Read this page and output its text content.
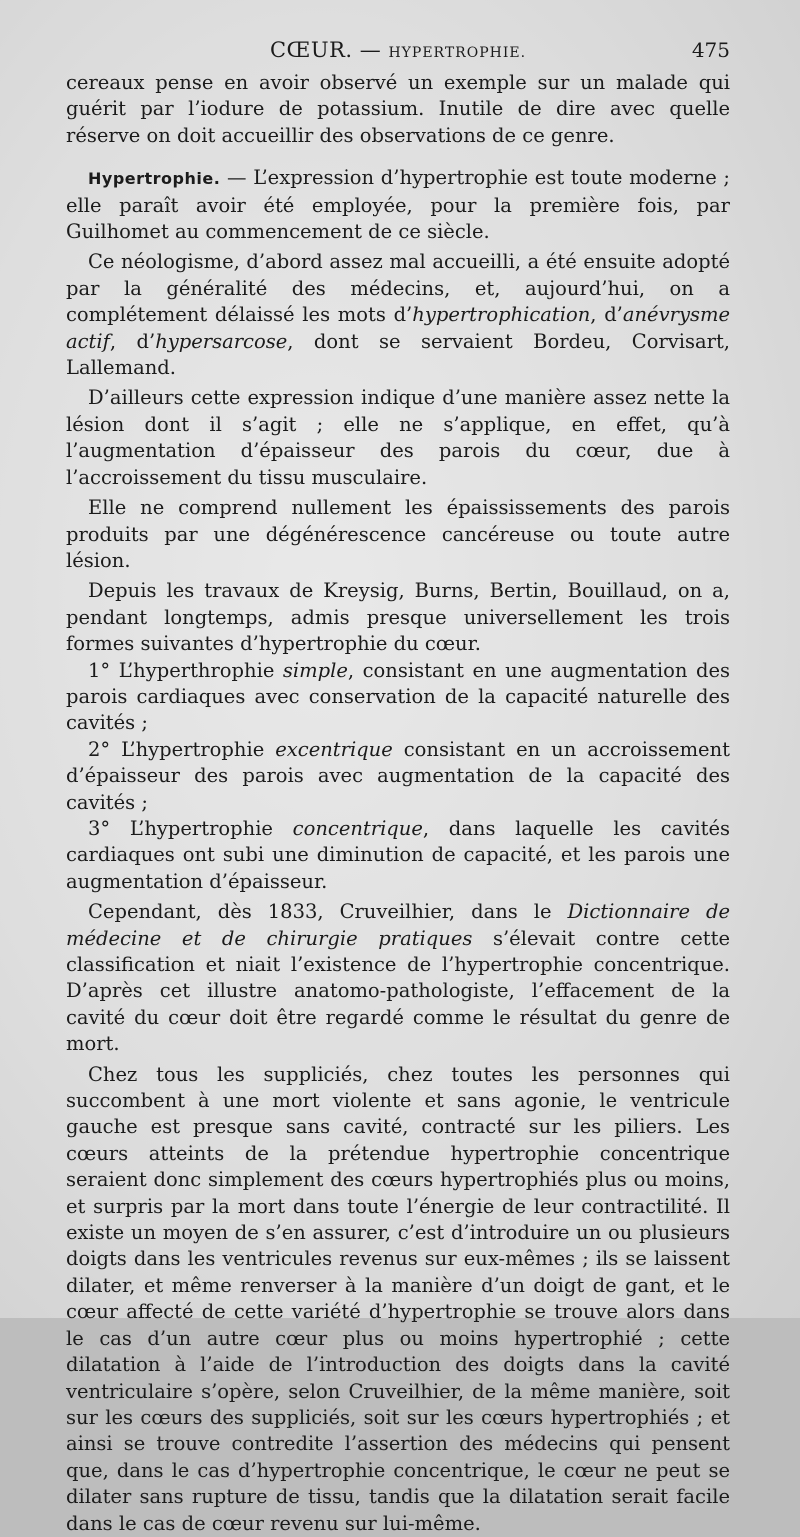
CŒUR. — HYPERTROPHIE.	475

cereaux pense en avoir observé un exemple sur un malade qui guérit par l’iodure de potassium. Inutile de dire avec quelle réserve on doit accueillir des observations de ce genre.

Hypertrophie. — L’expression d’hypertrophie est toute moderne ; elle paraît avoir été employée, pour la première fois, par Guilhomet au commencement de ce siècle.

Ce néologisme, d’abord assez mal accueilli, a été ensuite adopté par la généralité des médecins, et, aujourd’hui, on a complétement délaissé les mots d’hypertrophication, d’anévrysme actif, d’hypersarcose, dont se servaient Bordeu, Corvisart, Lallemand.

D’ailleurs cette expression indique d’une manière assez nette la lésion dont il s’agit ; elle ne s’applique, en effet, qu’à l’augmentation d’épaisseur des parois du cœur, due à l’accroissement du tissu musculaire.

Elle ne comprend nullement les épaississements des parois produits par une dégénérescence cancéreuse ou toute autre lésion.

Depuis les travaux de Kreysig, Burns, Bertin, Bouillaud, on a, pendant longtemps, admis presque universellement les trois formes suivantes d’hypertrophie du cœur.

1° L’hyperthrophie simple, consistant en une augmentation des parois cardiaques avec conservation de la capacité naturelle des cavités ;

2° L’hypertrophie excentrique consistant en un accroissement d’épaisseur des parois avec augmentation de la capacité des cavités ;

3° L’hypertrophie concentrique, dans laquelle les cavités cardiaques ont subi une diminution de capacité, et les parois une augmentation d’épaisseur.

Cependant, dès 1833, Cruveilhier, dans le Dictionnaire de médecine et de chirurgie pratiques s’élevait contre cette classification et niait l’existence de l’hypertrophie concentrique. D’après cet illustre anatomo-pathologiste, l’effacement de la cavité du cœur doit être regardé comme le résultat du genre de mort.

Chez tous les suppliciés, chez toutes les personnes qui succombent à une mort violente et sans agonie, le ventricule gauche est presque sans cavité, contracté sur les piliers. Les cœurs atteints de la prétendue hypertrophie concentrique seraient donc simplement des cœurs hypertrophiés plus ou moins, et surpris par la mort dans toute l’énergie de leur contractilité. Il existe un moyen de s’en assurer, c’est d’introduire un ou plusieurs doigts dans les ventricules revenus sur eux-mêmes ; ils se laissent dilater, et même renverser à la manière d’un doigt de gant, et le cœur affecté de cette variété d’hypertrophie se trouve alors dans le cas d’un autre cœur plus ou moins hypertrophié ; cette dilatation à l’aide de l’introduction des doigts dans la cavité ventriculaire s’opère, selon Cruveilhier, de la même manière, soit sur les cœurs des suppliciés, soit sur les cœurs hypertrophiés ; et ainsi se trouve contredite l’assertion des médecins qui pensent que, dans le cas d’hypertrophie concentrique, le cœur ne peut se dilater sans rupture de tissu, tandis que la dilatation serait facile dans le cas de cœur revenu sur lui-même.
